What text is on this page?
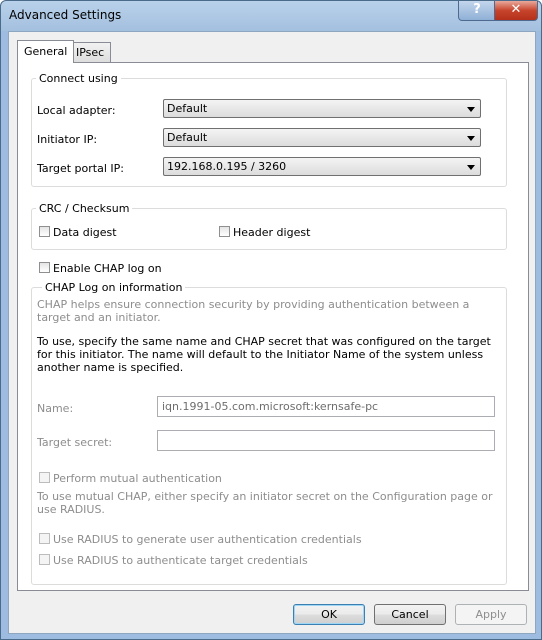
Advanced Settings	?	✕
General IPsec
Connect using
Local adapter:	Default
Initiator IP:	Default
Target portal IP:	192.168.0.195 / 3260
CRC / Checksum
Data digest	Header digest
Enable CHAP log on
CHAP Log on information
CHAP helps ensure connection security by providing authentication between a target and an initiator.
To use, specify the same name and CHAP secret that was configured on the target for this initiator. The name will default to the Initiator Name of the system unless another name is specified.
Name:	iqn.1991-05.com.microsoft:kernsafe-pc
Target secret:
Perform mutual authentication
To use mutual CHAP, either specify an initiator secret on the Configuration page or use RADIUS.
Use RADIUS to generate user authentication credentials
Use RADIUS to authenticate target credentials
OK	Cancel	Apply
